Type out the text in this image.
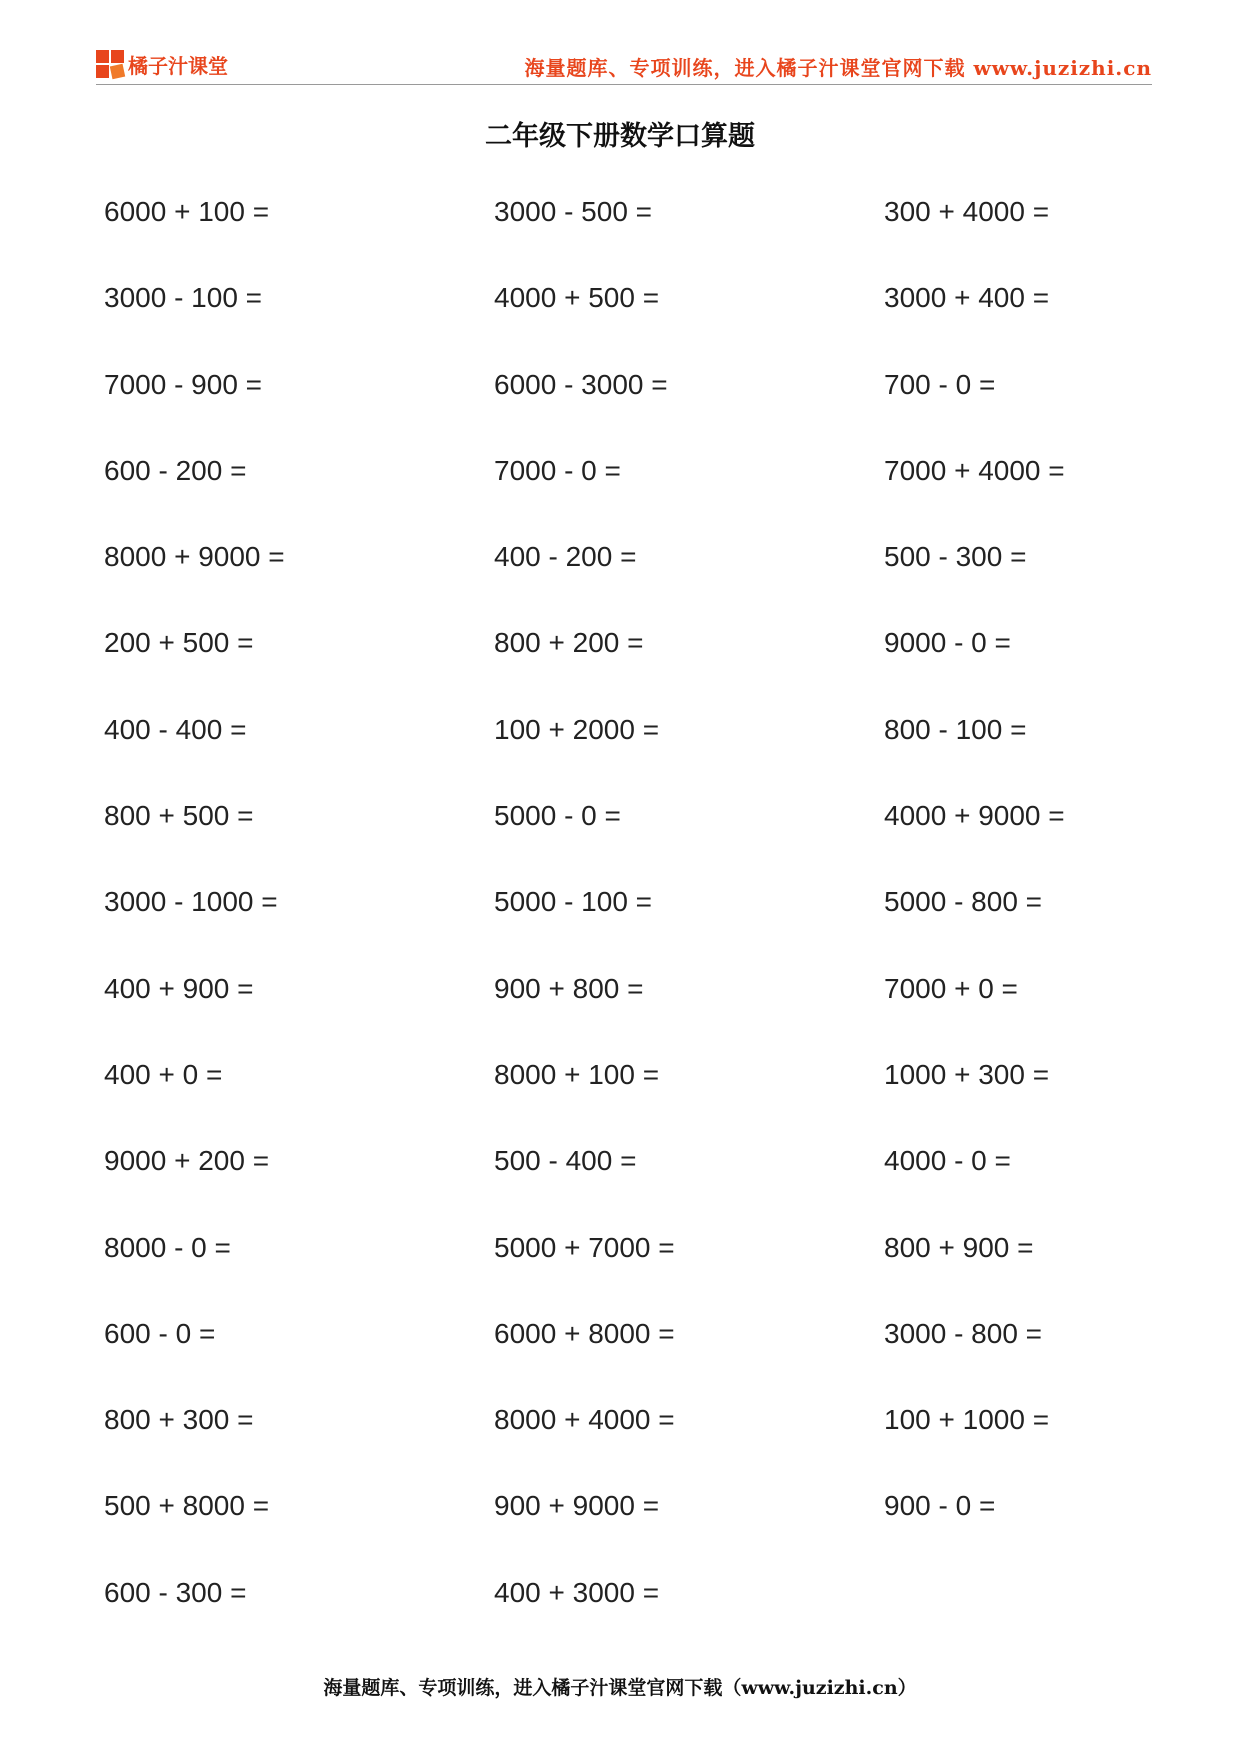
橘子汁课堂	海量题库、专项训练，进入橘子汁课堂官网下载 www.juzizhi.cn
二年级下册数学口算题
6000 + 100 =
3000 - 100 =
7000 - 900 =
600 - 200 =
8000 + 9000 =
200 + 500 =
400 - 400 =
800 + 500 =
3000 - 1000 =
400 + 900 =
400 + 0 =
9000 + 200 =
8000 - 0 =
600 - 0 =
800 + 300 =
500 + 8000 =
600 - 300 =
3000 - 500 =
4000 + 500 =
6000 - 3000 =
7000 - 0 =
400 - 200 =
800 + 200 =
100 + 2000 =
5000 - 0 =
5000 - 100 =
900 + 800 =
8000 + 100 =
500 - 400 =
5000 + 7000 =
6000 + 8000 =
8000 + 4000 =
900 + 9000 =
400 + 3000 =
300 + 4000 =
3000 + 400 =
700 - 0 =
7000 + 4000 =
500 - 300 =
9000 - 0 =
800 - 100 =
4000 + 9000 =
5000 - 800 =
7000 + 0 =
1000 + 300 =
4000 - 0 =
800 + 900 =
3000 - 800 =
100 + 1000 =
900 - 0 =
海量题库、专项训练，进入橘子汁课堂官网下载（www.juzizhi.cn）
